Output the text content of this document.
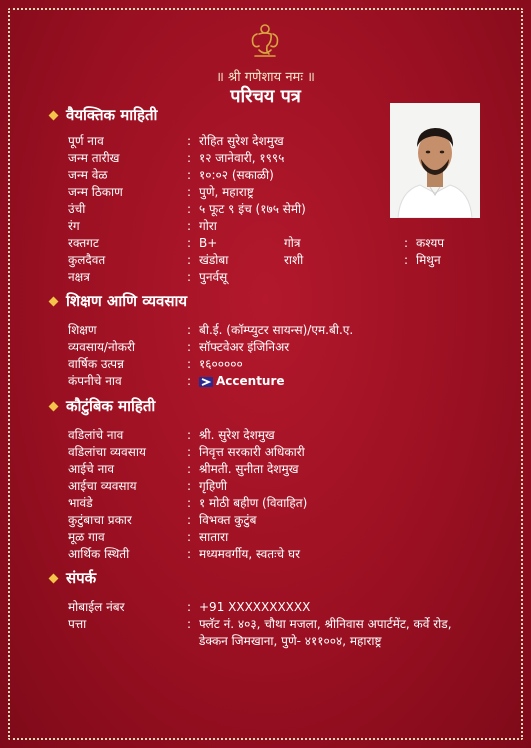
॥ श्री गणेशाय नमः ॥
परिचय पत्र
वैयक्तिक माहिती
पूर्ण नाव	: रोहित सुरेश देशमुख
जन्म तारीख	: १२ जानेवारी, १९९५
जन्म वेळ	: १०:०२ (सकाळी)
जन्म ठिकाण	: पुणे, महाराष्ट्र
उंची	: ५ फूट ९ इंच (१७५ सेमी)
रंग	: गोरा
रक्तगट	: B+	गोत्र	: कश्यप
कुलदैवत	: खंडोबा	राशी	: मिथुन
नक्षत्र	: पुनर्वसू
शिक्षण आणि व्यवसाय
शिक्षण	: बी.ई. (कॉम्प्युटर सायन्स)/एम.बी.ए.
व्यवसाय/नोकरी	: सॉफ्टवेअर इंजिनिअर
वार्षिक उत्पन्न	: १६०००००
कंपनीचे नाव	:	Accenture
कौटुंबिक माहिती
वडिलांचे नाव	: श्री. सुरेश देशमुख
वडिलांचा व्यवसाय	: निवृत्त सरकारी अधिकारी
आईचे नाव	: श्रीमती. सुनीता देशमुख
आईचा व्यवसाय	: गृहिणी
भावंडे	: १ मोठी बहीण (विवाहित)
कुटुंबाचा प्रकार	: विभक्त कुटुंब
मूळ गाव	: सातारा
आर्थिक स्थिती	: मध्यमवर्गीय, स्वतःचे घर
संपर्क
मोबाईल नंबर	: +91 XXXXXXXXXX
पत्ता	: फ्लॅट नं. ४०३, चौथा मजला, श्रीनिवास अपार्टमेंट, कर्वे रोड,
डेक्कन जिमखाना, पुणे- ४११००४, महाराष्ट्र
